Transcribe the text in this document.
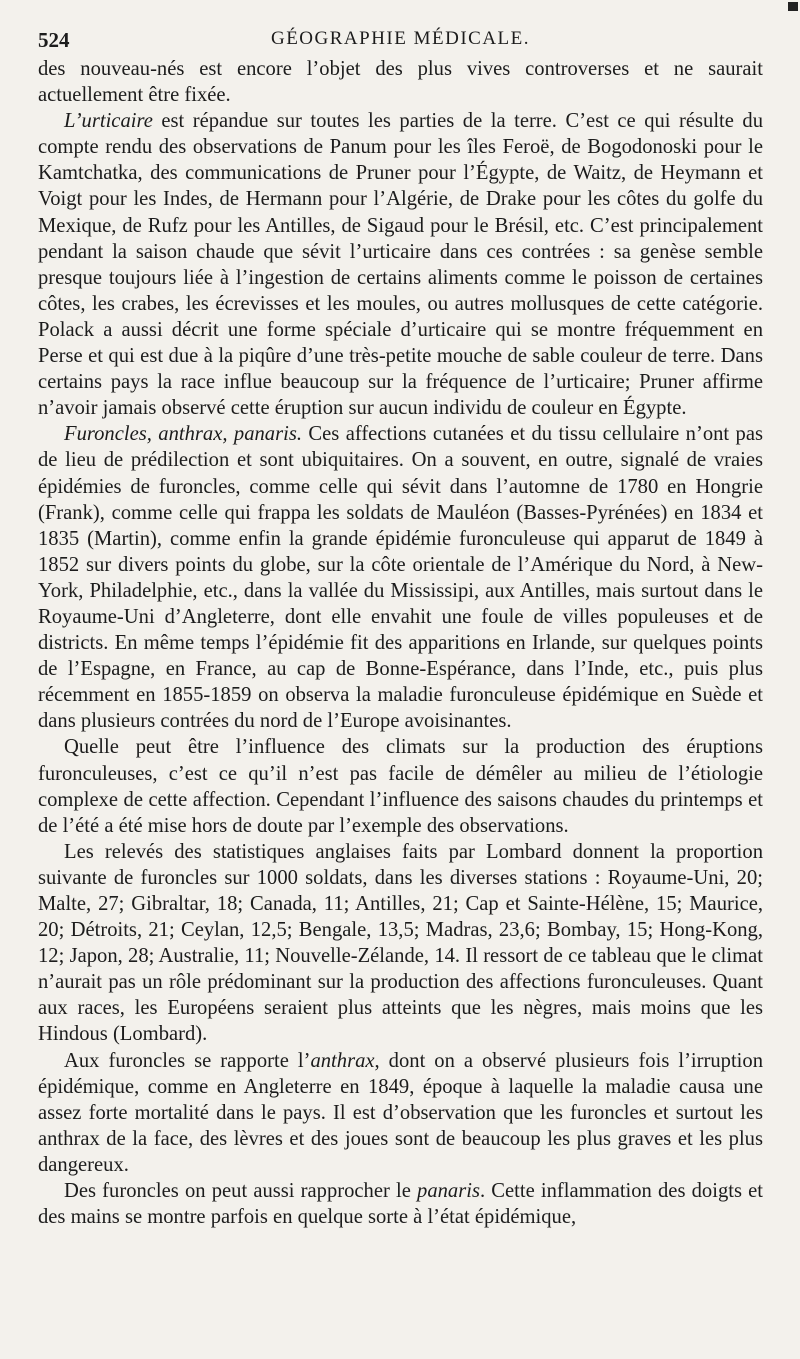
524	GÉOGRAPHIE MÉDICALE.

des nouveau-nés est encore l’objet des plus vives controverses et ne saurait actuellement être fixée.

L’urticaire est répandue sur toutes les parties de la terre. C’est ce qui résulte du compte rendu des observations de Panum pour les îles Feroë, de Bogodonoski pour le Kamtchatka, des communications de Pruner pour l’Égypte, de Waitz, de Heymann et Voigt pour les Indes, de Hermann pour l’Algérie, de Drake pour les côtes du golfe du Mexique, de Rufz pour les Antilles, de Sigaud pour le Brésil, etc. C’est principalement pendant la saison chaude que sévit l’urticaire dans ces contrées : sa genèse semble presque toujours liée à l’ingestion de certains aliments comme le poisson de certaines côtes, les crabes, les écrevisses et les moules, ou autres mollusques de cette catégorie. Polack a aussi décrit une forme spéciale d’urticaire qui se montre fréquemment en Perse et qui est due à la piqûre d’une très-petite mouche de sable couleur de terre. Dans certains pays la race influe beaucoup sur la fréquence de l’urticaire; Pruner affirme n’avoir jamais observé cette éruption sur aucun individu de couleur en Égypte.

Furoncles, anthrax, panaris. Ces affections cutanées et du tissu cellulaire n’ont pas de lieu de prédilection et sont ubiquitaires. On a souvent, en outre, signalé de vraies épidémies de furoncles, comme celle qui sévit dans l’automne de 1780 en Hongrie (Frank), comme celle qui frappa les soldats de Mauléon (Basses-Pyrénées) en 1834 et 1835 (Martin), comme enfin la grande épidémie furonculeuse qui apparut de 1849 à 1852 sur divers points du globe, sur la côte orientale de l’Amérique du Nord, à New-York, Philadelphie, etc., dans la vallée du Mississipi, aux Antilles, mais surtout dans le Royaume-Uni d’Angleterre, dont elle envahit une foule de villes populeuses et de districts. En même temps l’épidémie fit des apparitions en Irlande, sur quelques points de l’Espagne, en France, au cap de Bonne-Espérance, dans l’Inde, etc., puis plus récemment en 1855-1859 on observa la maladie furonculeuse épidémique en Suède et dans plusieurs contrées du nord de l’Europe avoisinantes.

Quelle peut être l’influence des climats sur la production des éruptions furonculeuses, c’est ce qu’il n’est pas facile de démêler au milieu de l’étiologie complexe de cette affection. Cependant l’influence des saisons chaudes du printemps et de l’été a été mise hors de doute par l’exemple des observations.

Les relevés des statistiques anglaises faits par Lombard donnent la proportion suivante de furoncles sur 1000 soldats, dans les diverses stations : Royaume-Uni, 20; Malte, 27; Gibraltar, 18; Canada, 11; Antilles, 21; Cap et Sainte-Hélène, 15; Maurice, 20; Détroits, 21; Ceylan, 12,5; Bengale, 13,5; Madras, 23,6; Bombay, 15; Hong-Kong, 12; Japon, 28; Australie, 11; Nouvelle-Zélande, 14. Il ressort de ce tableau que le climat n’aurait pas un rôle prédominant sur la production des affections furonculeuses. Quant aux races, les Européens seraient plus atteints que les nègres, mais moins que les Hindous (Lombard).

Aux furoncles se rapporte l’anthrax, dont on a observé plusieurs fois l’irruption épidémique, comme en Angleterre en 1849, époque à laquelle la maladie causa une assez forte mortalité dans le pays. Il est d’observation que les furoncles et surtout les anthrax de la face, des lèvres et des joues sont de beaucoup les plus graves et les plus dangereux.

Des furoncles on peut aussi rapprocher le panaris. Cette inflammation des doigts et des mains se montre parfois en quelque sorte à l’état épidémique,
